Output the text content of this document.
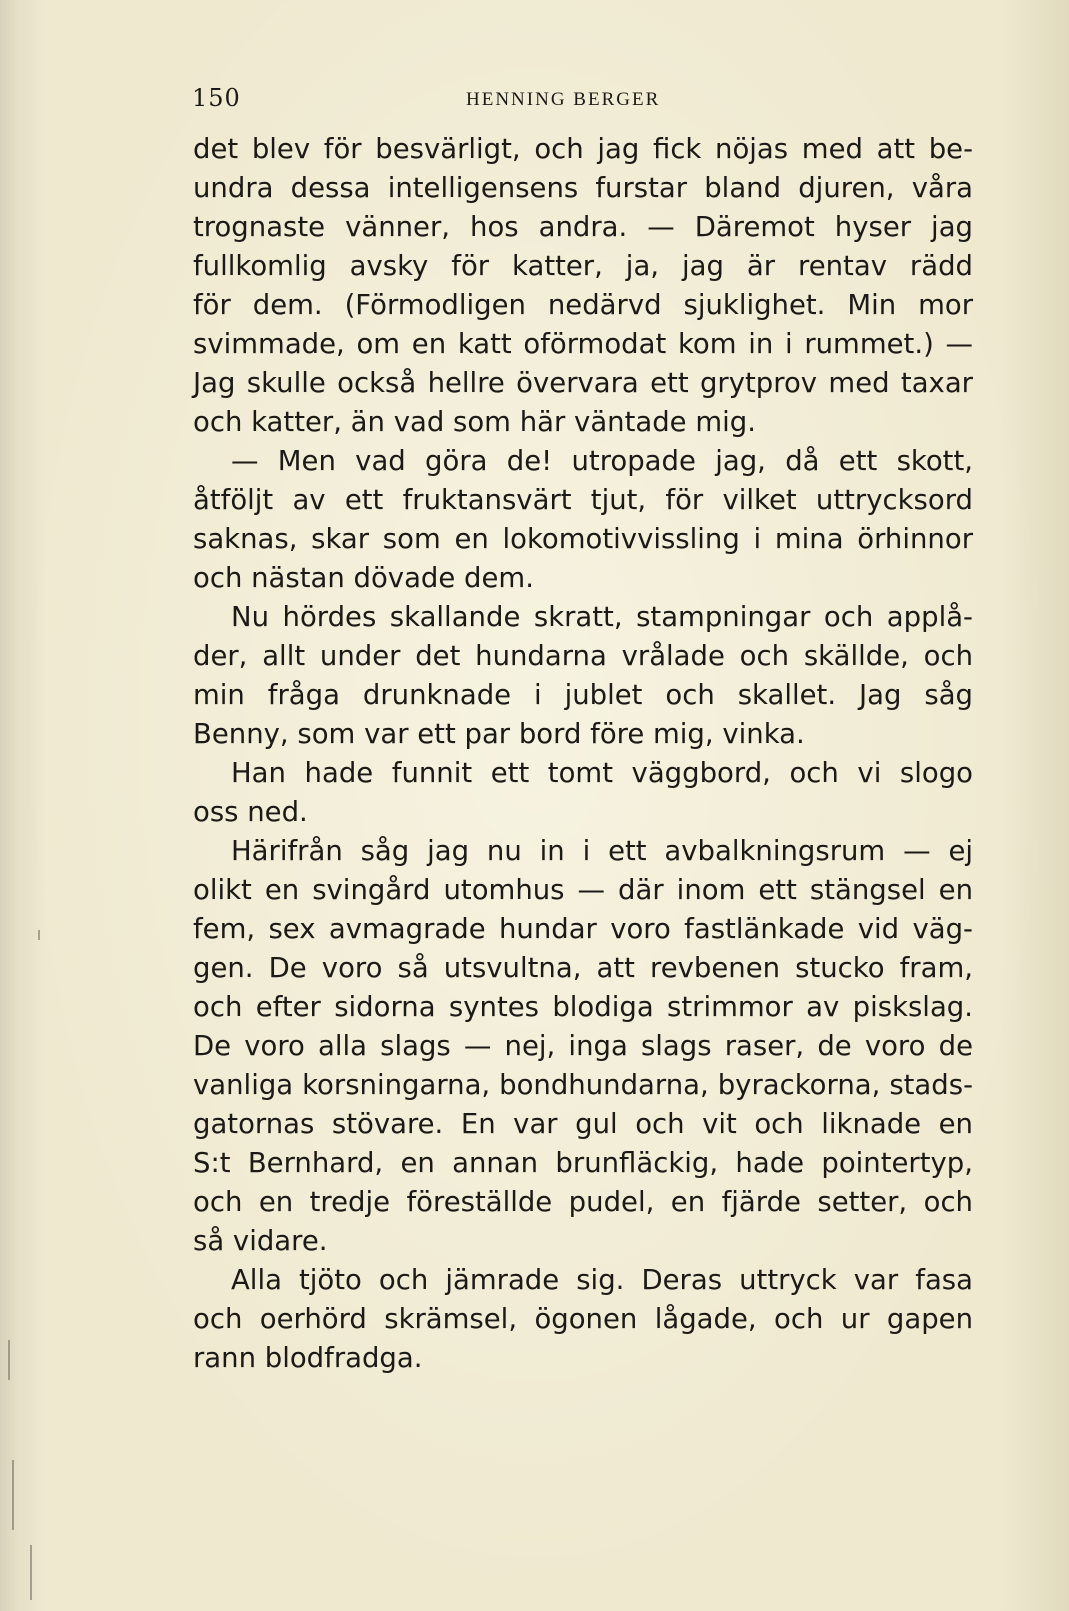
150	HENNING BERGER
det blev för besvärligt, och jag fick nöjas med att be-
undra dessa intelligensens furstar bland djuren, våra
trognaste vänner, hos andra. — Däremot hyser jag
fullkomlig avsky för katter, ja, jag är rentav rädd
för dem. (Förmodligen nedärvd sjuklighet. Min mor
svimmade, om en katt oförmodat kom in i rummet.) —
Jag skulle också hellre övervara ett grytprov med taxar
och katter, än vad som här väntade mig.
— Men vad göra de! utropade jag, då ett skott,
åtföljt av ett fruktansvärt tjut, för vilket uttrycksord
saknas, skar som en lokomotivvissling i mina örhinnor
och nästan dövade dem.
Nu hördes skallande skratt, stampningar och applå-
der, allt under det hundarna vrålade och skällde, och
min fråga drunknade i jublet och skallet. Jag såg
Benny, som var ett par bord före mig, vinka.
Han hade funnit ett tomt väggbord, och vi slogo
oss ned.
Härifrån såg jag nu in i ett avbalkningsrum — ej
olikt en svingård utomhus — där inom ett stängsel en
fem, sex avmagrade hundar voro fastlänkade vid väg-
gen. De voro så utsvultna, att revbenen stucko fram,
och efter sidorna syntes blodiga strimmor av piskslag.
De voro alla slags — nej, inga slags raser, de voro de
vanliga korsningarna, bondhundarna, byrackorna, stads-
gatornas stövare. En var gul och vit och liknade en
S:t Bernhard, en annan brunfläckig, hade pointertyp,
och en tredje föreställde pudel, en fjärde setter, och
så vidare.
Alla tjöto och jämrade sig. Deras uttryck var fasa
och oerhörd skrämsel, ögonen lågade, och ur gapen
rann blodfradga.
